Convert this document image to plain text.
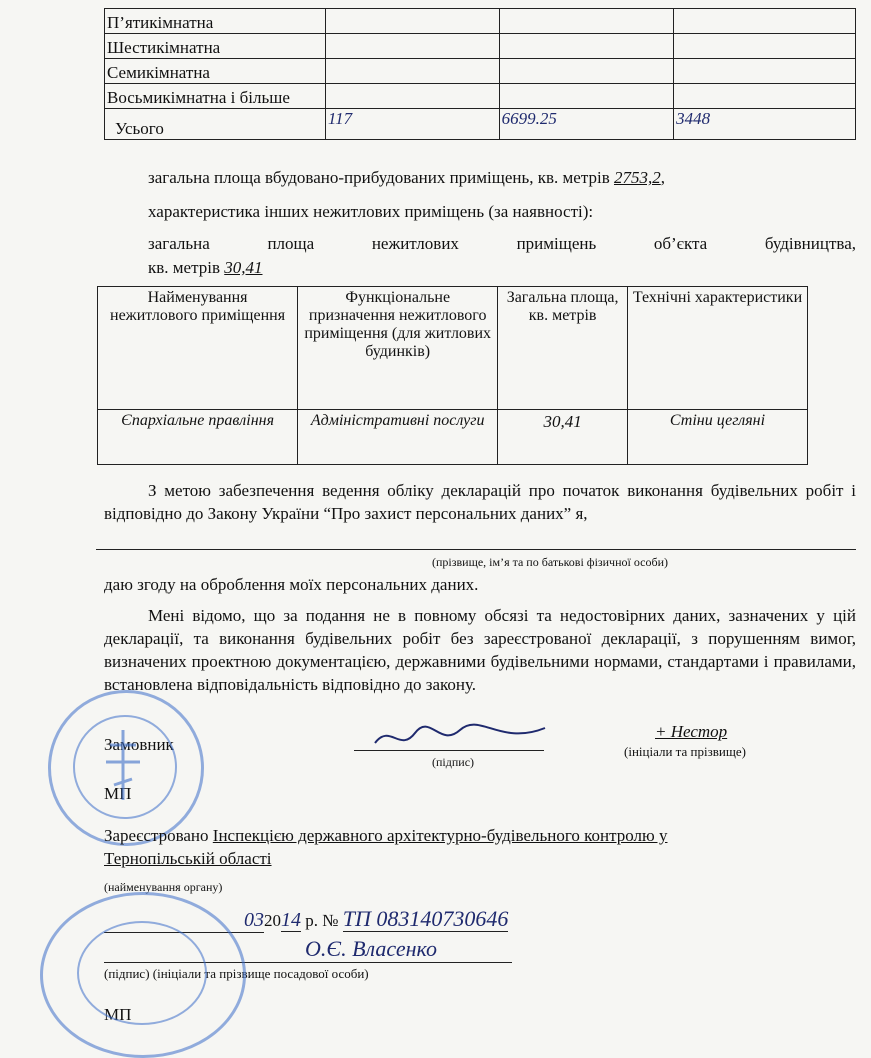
П’ятикімнатна			
Шестикімнатна			
Семикімнатна			
Восьмикімнатна і більше			
Усього	117	6699.25	3448
загальна площа вбудовано-прибудованих приміщень, кв. метрів 2753,2,
характеристика інших нежитлових приміщень (за наявності):
загальна площа нежитлових приміщень об’єкта будівництва,
кв. метрів 30,41
Найменування нежитлового приміщення	Функціональне призначення нежитлового приміщення (для житлових будинків)	Загальна площа, кв. метрів	Технічні характеристики
Єпархіальне правління	Адміністративні послуги	30,41	Стіни цегляні
З метою забезпечення ведення обліку декларацій про початок виконання будівельних робіт і відповідно до Закону України “Про захист персональних даних” я,
(прізвище, ім’я та по батькові фізичної особи)
даю згоду на оброблення моїх персональних даних.
Мені відомо, що за подання не в повному обсязі та недостовірних даних, зазначених у цій декларації, та виконання будівельних робіт без зареєстрованої декларації, з порушенням вимог, визначених проектною документацією, державними будівельними нормами, стандартами і правилами, встановлена відповідальність відповідно до закону.
Замовник
(підпис)
+ Нестор
(ініціали та прізвище)
МП
Зареєстровано Інспекцією державного архітектурно-будівельного контролю у
Тернопільській області
(найменування органу)
032014 р. № ТП 083140730646
О.Є. Власенко
(підпис) (ініціали та прізвище посадової особи)
МП
